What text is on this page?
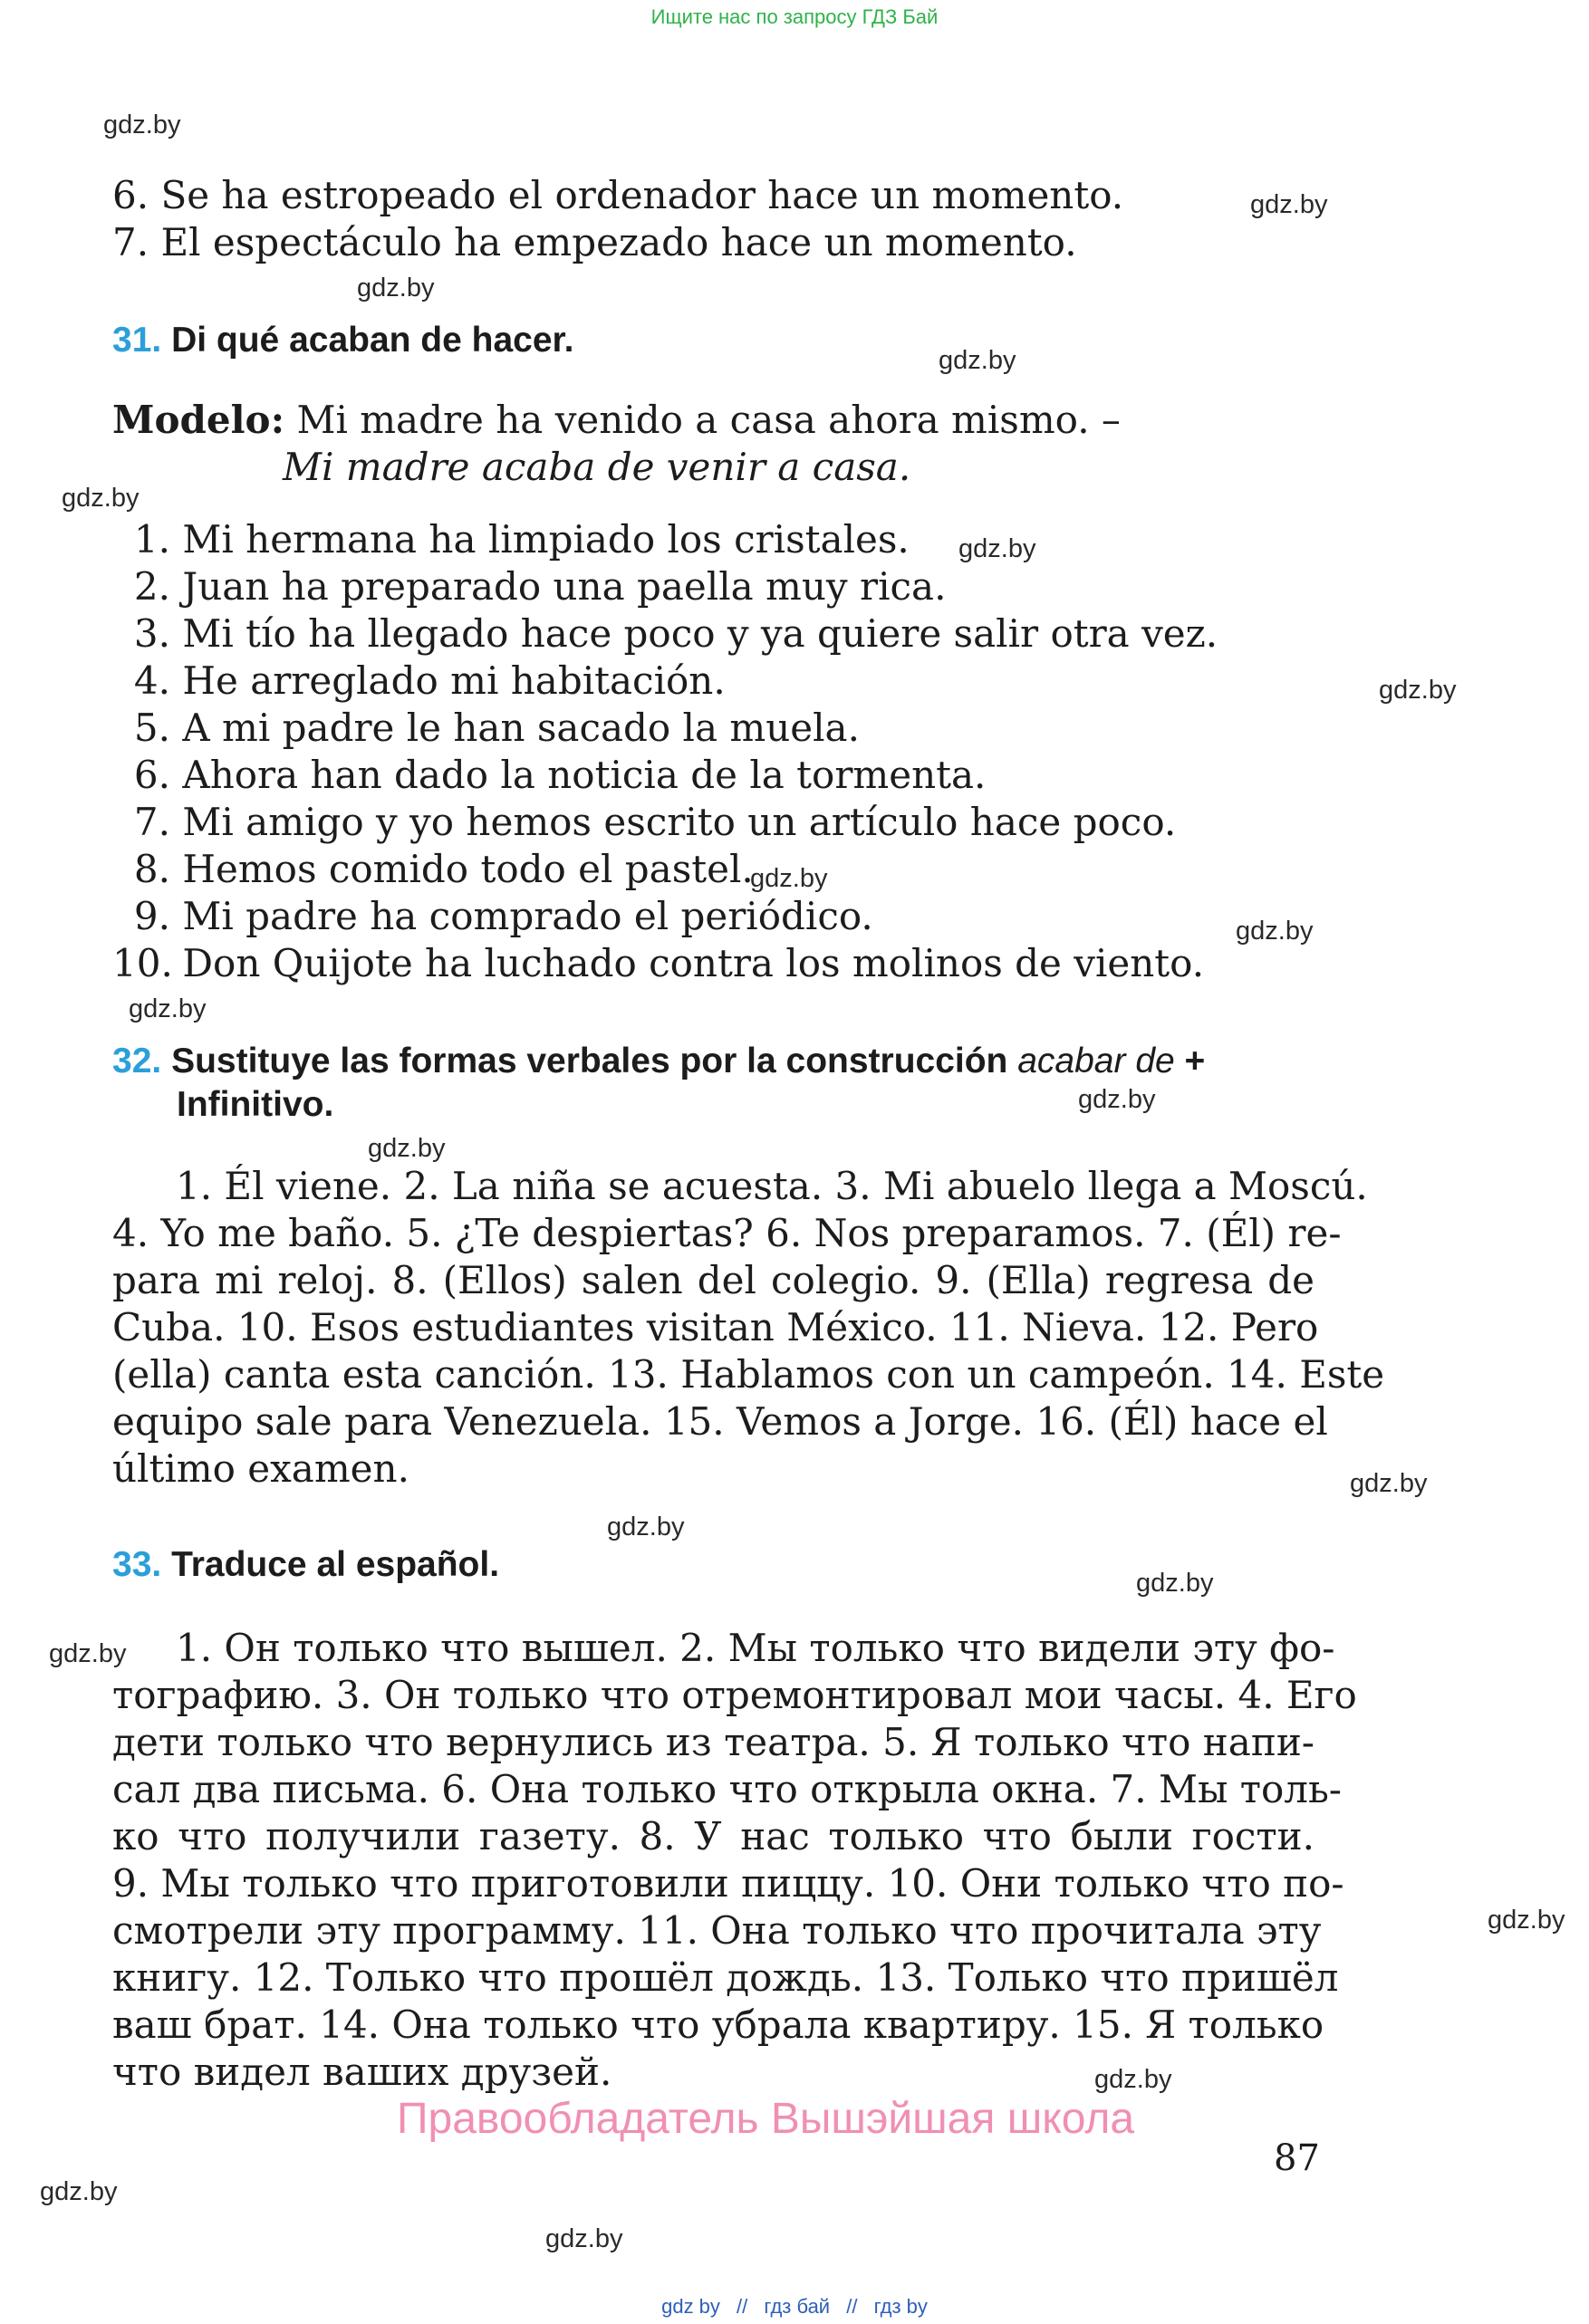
Ищите нас по запросу ГДЗ Бай
gdz.by
gdz.by
gdz.by
gdz.by
gdz.by
gdz.by
gdz.by
gdz.by
gdz.by
gdz.by
gdz.by
gdz.by
gdz.by
gdz.by
gdz.by
gdz.by
gdz.by
gdz.by
gdz.by
gdz.by
6. Se ha estropeado el ordenador hace un momento.
7. El espectáculo ha empezado hace un momento.
31. Di qué acaban de hacer.
Modelo: Mi madre ha venido a casa ahora mismo. –
Mi madre acaba de venir a casa.
1. Mi hermana ha limpiado los cristales.
2. Juan ha preparado una paella muy rica.
3. Mi tío ha llegado hace poco y ya quiere salir otra vez.
4. He arreglado mi habitación.
5. A mi padre le han sacado la muela.
6. Ahora han dado la noticia de la tormenta.
7. Mi amigo y yo hemos escrito un artículo hace poco.
8. Hemos comido todo el pastel.
9. Mi padre ha comprado el periódico.
10. Don Quijote ha luchado contra los molinos de viento.
32. Sustituye las formas verbales por la construcción acabar de +
Infinitivo.
1. Él viene. 2. La niña se acuesta. 3. Mi abuelo llega a Moscú.
4. Yo me baño. 5. ¿Te despiertas? 6. Nos preparamos. 7. (Él) re-
para mi reloj. 8. (Ellos) salen del colegio. 9. (Ella) regresa de
Cuba. 10. Esos estudiantes visitan México. 11. Nieva. 12. Pero
(ella) canta esta canción. 13. Hablamos con un campeón. 14. Este
equipo sale para Venezuela. 15. Vemos a Jorge. 16. (Él) hace el
último examen.
33. Traduce al español.
1. Он только что вышел. 2. Мы только что видели эту фо-
тографию. 3. Он только что отремонтировал мои часы. 4. Его
дети только что вернулись из театра. 5. Я только что напи-
сал два письма. 6. Она только что открыла окна. 7. Мы толь-
ко что получили газету. 8. У нас только что были гости.
9. Мы только что приготовили пиццу. 10. Они только что по-
смотрели эту программу. 11. Она только что прочитала эту
книгу. 12. Только что прошёл дождь. 13. Только что пришёл
ваш брат. 14. Она только что убрала квартиру. 15. Я только
что видел ваших друзей.
Правообладатель Вышэйшая школа
87
gdz by // гдз бай // гдз by
